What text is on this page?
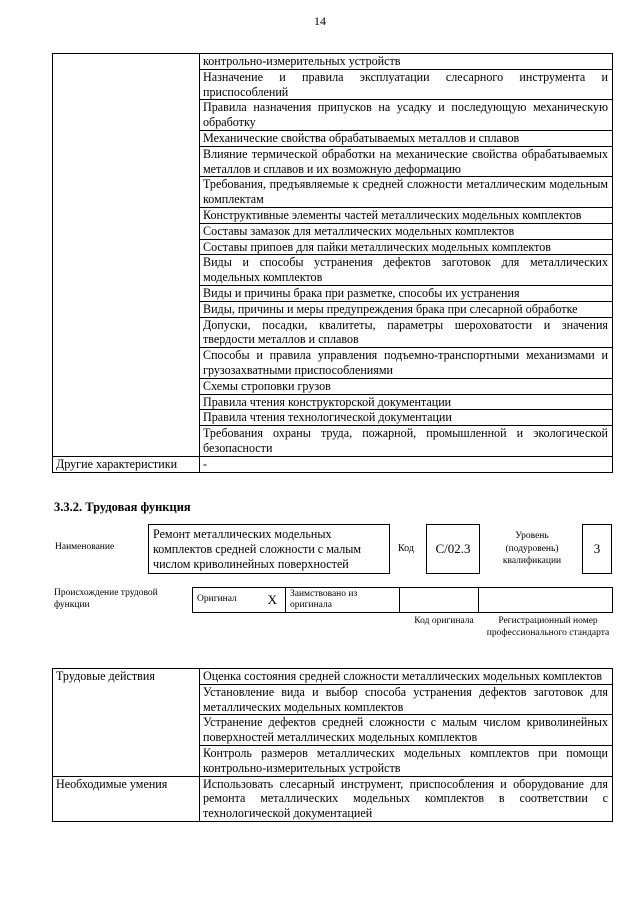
14
	контрольно-измерительных устройств
	Назначение и правила эксплуатации слесарного инструмента и приспособлений
	Правила назначения припусков на усадку и последующую механическую обработку
	Механические свойства обрабатываемых металлов и сплавов
	Влияние термической обработки на механические свойства обрабатываемых металлов и сплавов и их возможную деформацию
	Требования, предъявляемые к средней сложности металлическим модельным комплектам
	Конструктивные элементы частей металлических модельных комплектов
	Составы замазок для металлических модельных комплектов
	Составы припоев для пайки металлических модельных комплектов
	Виды и способы устранения дефектов заготовок для металлических модельных комплектов
	Виды и причины брака при разметке, способы их устранения
	Виды, причины и меры предупреждения брака при слесарной обработке
	Допуски, посадки, квалитеты, параметры шероховатости и значения твердости металлов и сплавов
	Способы и правила управления подъемно-транспортными механизмами и грузозахватными приспособлениями
	Схемы строповки грузов
	Правила чтения конструкторской документации
	Правила чтения технологической документации
	Требования охраны труда, пожарной, промышленной и экологической безопасности
Другие характеристики	-
3.3.2. Трудовая функция
Наименование
Ремонт металлических модельных комплектов средней сложности с малым числом криволинейных поверхностей
Код	С/02.3
Уровень (подуровень) квалификации
3
Происхождение трудовой функции
Оригинал X	Заимствовано из оригинала		
Код оригинала	Регистрационный номер профессионального стандарта
Трудовые действия	Оценка состояния средней сложности металлических модельных комплектов
	Установление вида и выбор способа устранения дефектов заготовок для металлических модельных комплектов
	Устранение дефектов средней сложности с малым числом криволинейных поверхностей металлических модельных комплектов
	Контроль размеров металлических модельных комплектов при помощи контрольно-измерительных устройств
Необходимые умения	Использовать слесарный инструмент, приспособления и оборудование для ремонта металлических модельных комплектов в соответствии с технологической документацией
